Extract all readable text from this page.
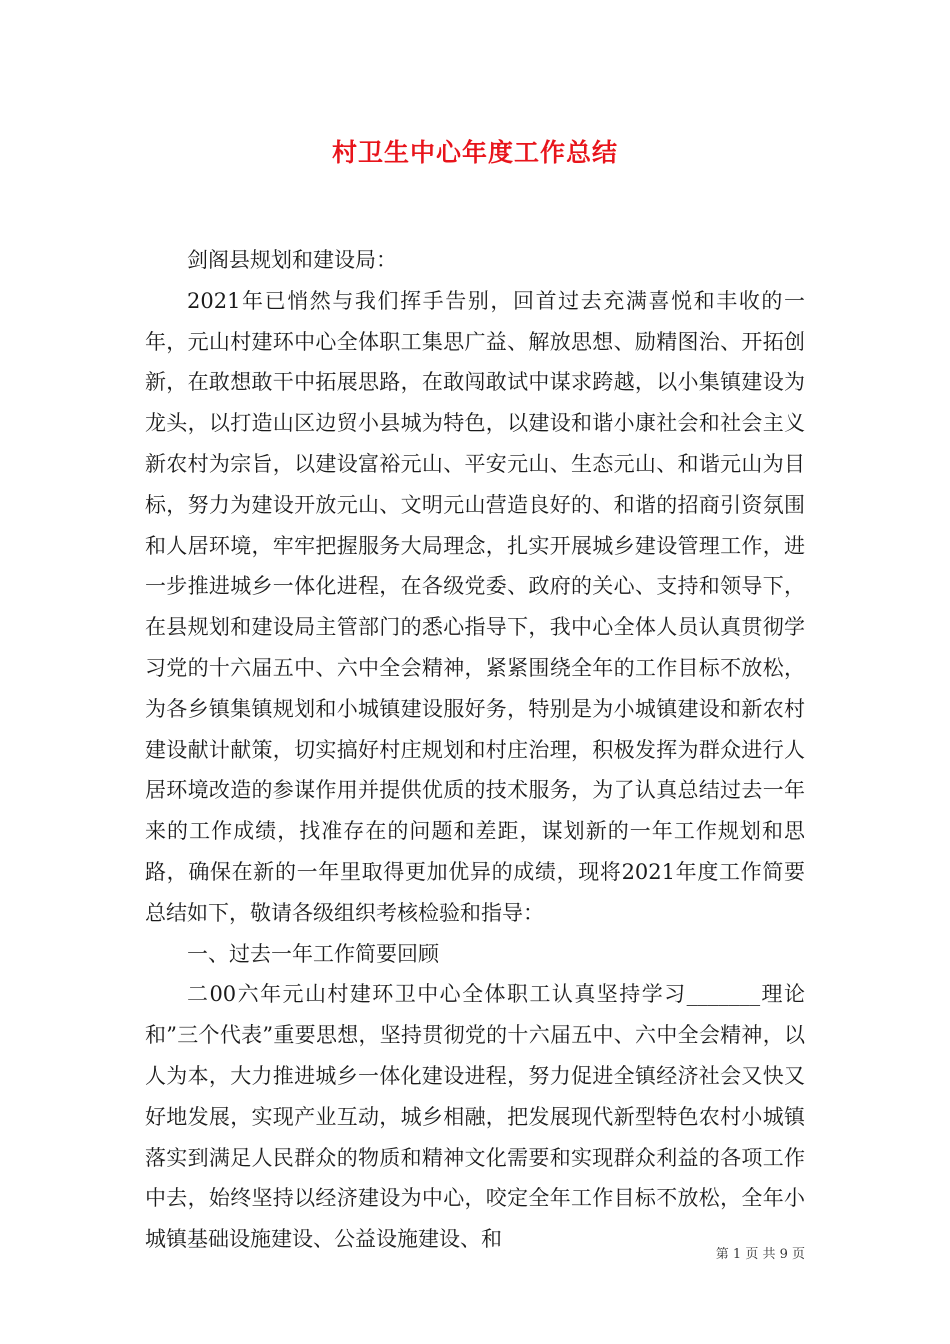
村卫生中心年度工作总结

剑阁县规划和建设局：

2021年已悄然与我们挥手告别，回首过去充满喜悦和丰收的一年，元山村建环中心全体职工集思广益、解放思想、励精图治、开拓创新，在敢想敢干中拓展思路，在敢闯敢试中谋求跨越，以小集镇建设为龙头，以打造山区边贸小县城为特色，以建设和谐小康社会和社会主义新农村为宗旨，以建设富裕元山、平安元山、生态元山、和谐元山为目标，努力为建设开放元山、文明元山营造良好的、和谐的招商引资氛围和人居环境，牢牢把握服务大局理念，扎实开展城乡建设管理工作，进一步推进城乡一体化进程，在各级党委、政府的关心、支持和领导下，在县规划和建设局主管部门的悉心指导下，我中心全体人员认真贯彻学习党的十六届五中、六中全会精神，紧紧围绕全年的工作目标不放松，为各乡镇集镇规划和小城镇建设服好务，特别是为小城镇建设和新农村建设献计献策，切实搞好村庄规划和村庄治理，积极发挥为群众进行人居环境改造的参谋作用并提供优质的技术服务，为了认真总结过去一年来的工作成绩，找准存在的问题和差距，谋划新的一年工作规划和思路，确保在新的一年里取得更加优异的成绩，现将2021年度工作简要总结如下，敬请各级组织考核检验和指导：

一、过去一年工作简要回顾

二00六年元山村建环卫中心全体职工认真坚持学习_______理论和”三个代表”重要思想，坚持贯彻党的十六届五中、六中全会精神，以人为本，大力推进城乡一体化建设进程，努力促进全镇经济社会又快又好地发展，实现产业互动，城乡相融，把发展现代新型特色农村小城镇落实到满足人民群众的物质和精神文化需要和实现群众利益的各项工作中去，始终坚持以经济建设为中心，咬定全年工作目标不放松，全年小城镇基础设施建设、公益设施建设、和

第 1 页 共 9 页
